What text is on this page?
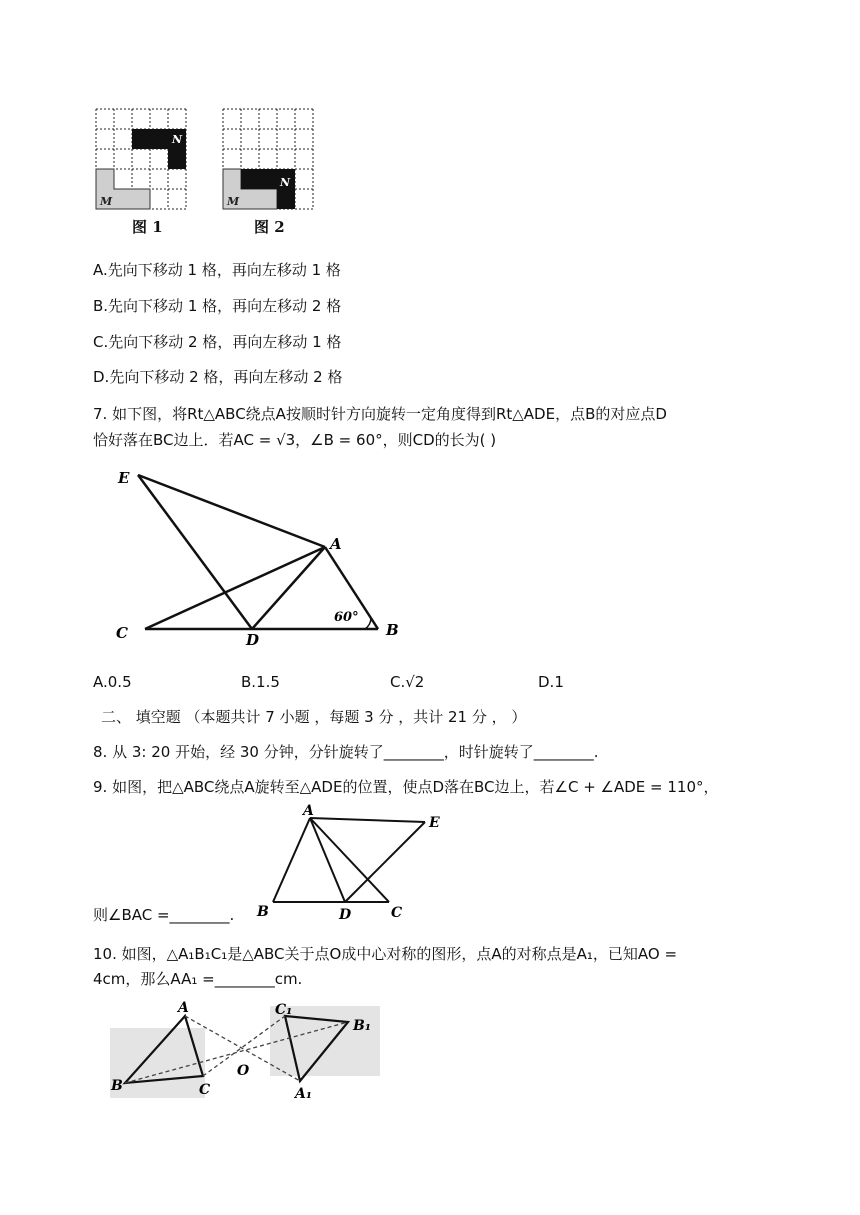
N
M
图 1
N
M
图 2
A.先向下移动 1 格，再向左移动 1 格
B.先向下移动 1 格，再向左移动 2 格
C.先向下移动 2 格，再向左移动 1 格
D.先向下移动 2 格，再向左移动 2 格
7. 如下图，将Rt△ABC绕点A按顺时针方向旋转一定角度得到Rt△ADE，点B的对应点D
恰好落在BC边上．若AC = √3，∠B = 60°，则CD的长为( )
E
A
C	D
B
60°
A.0.5	B.1.5	C.√2	D.1
二、 填空题 （本题共计 7 小题 ，每题 3 分 ，共计 21 分 ， ）
8. 从 3: 20 开始，经 30 分钟，分针旋转了________，时针旋转了________.
9. 如图，把△ABC绕点A旋转至△ADE的位置，使点D落在BC边上，若∠C + ∠ADE = 110°，
A
E
B	D	C
则∠BAC =________.
10. 如图，△A₁B₁C₁是△ABC关于点O成中心对称的图形，点A的对称点是A₁，已知AO =
4cm，那么AA₁ =________cm.
A
B	C
O
A₁
B₁
C₁
